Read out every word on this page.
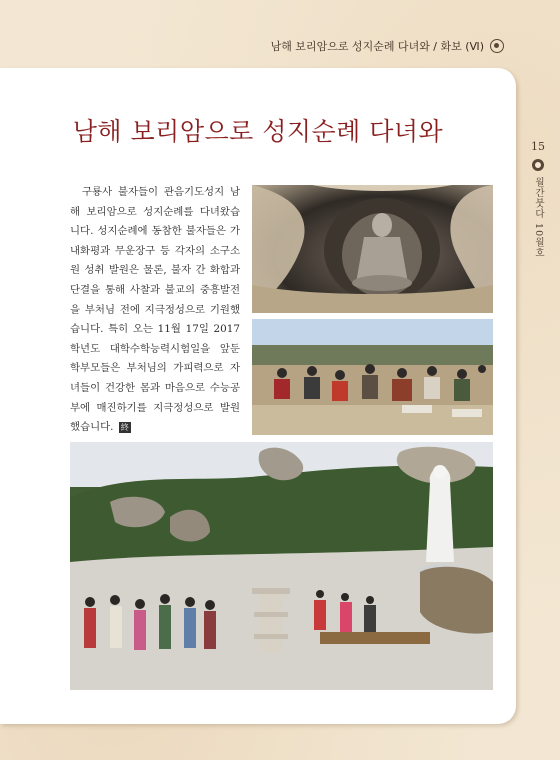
남해 보리암으로 성지순례 다녀와 / 화보 (Ⅵ)
남해 보리암으로 성지순례 다녀와
15
월간붓다 10월호
구룡사 불자들이 관음기도성지 남해 보리암으로 성지순례를 다녀왔습니다. 성지순례에 동참한 불자들은 가내화평과 무운장구 등 각자의 소구소원 성취 발원은 물론, 불자 간 화합과 단결을 통해 사찰과 불교의 중흥발전을 부처님 전에 지극정성으로 기원했습니다. 특히 오는 11월 17일 2017학년도 대학수학능력시험일을 앞둔 학부모들은 부처님의 가피력으로 자녀들이 건강한 몸과 마음으로 수능공부에 매진하기를 지극정성으로 발원했습니다. 終
